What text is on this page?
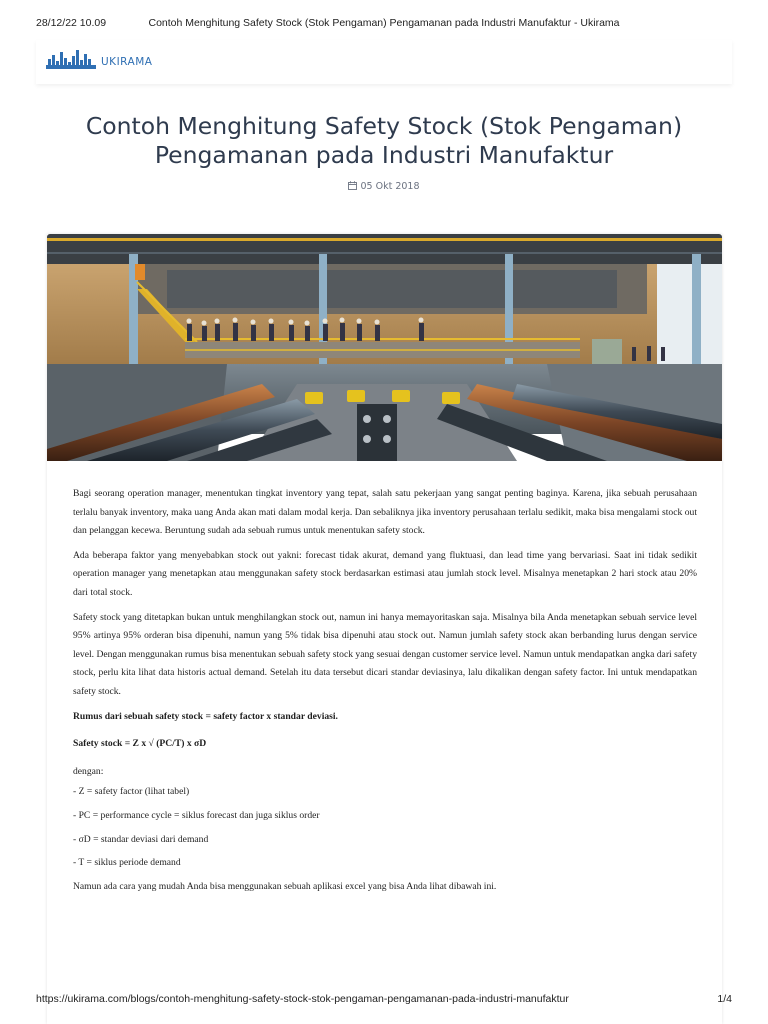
28/12/22 10.09	Contoh Menghitung Safety Stock (Stok Pengaman) Pengamanan pada Industri Manufaktur - Ukirama
UKIRAMA
Contoh Menghitung Safety Stock (Stok Pengaman) Pengamanan pada Industri Manufaktur
05 Okt 2018

Bagi seorang operation manager, menentukan tingkat inventory yang tepat, salah satu pekerjaan yang sangat penting baginya. Karena, jika sebuah perusahaan terlalu banyak inventory, maka uang Anda akan mati dalam modal kerja. Dan sebaliknya jika inventory perusahaan terlalu sedikit, maka bisa mengalami stock out dan pelanggan kecewa. Beruntung sudah ada sebuah rumus untuk menentukan safety stock.

Ada beberapa faktor yang menyebabkan stock out yakni: forecast tidak akurat, demand yang fluktuasi, dan lead time yang bervariasi. Saat ini tidak sedikit operation manager yang menetapkan atau menggunakan safety stock berdasarkan estimasi atau jumlah stock level. Misalnya menetapkan 2 hari stock atau 20% dari total stock.

Safety stock yang ditetapkan bukan untuk menghilangkan stock out, namun ini hanya memayoritaskan saja. Misalnya bila Anda menetapkan sebuah service level 95% artinya 95% orderan bisa dipenuhi, namun yang 5% tidak bisa dipenuhi atau stock out. Namun jumlah safety stock akan berbanding lurus dengan service level. Dengan menggunakan rumus bisa menentukan sebuah safety stock yang sesuai dengan customer service level. Namun untuk mendapatkan angka dari safety stock, perlu kita lihat data historis actual demand. Setelah itu data tersebut dicari standar deviasinya, lalu dikalikan dengan safety factor. Ini untuk mendapatkan safety stock.

Rumus dari sebuah safety stock = safety factor x standar deviasi.

Safety stock = Z x √ (PC/T) x σD

dengan:

- Z = safety factor (lihat tabel)

- PC = performance cycle = siklus forecast dan juga siklus order

- σD = standar deviasi dari demand

- T = siklus periode demand

Namun ada cara yang mudah Anda bisa menggunakan sebuah aplikasi excel yang bisa Anda lihat dibawah ini.

https://ukirama.com/blogs/contoh-menghitung-safety-stock-stok-pengaman-pengamanan-pada-industri-manufaktur	1/4
